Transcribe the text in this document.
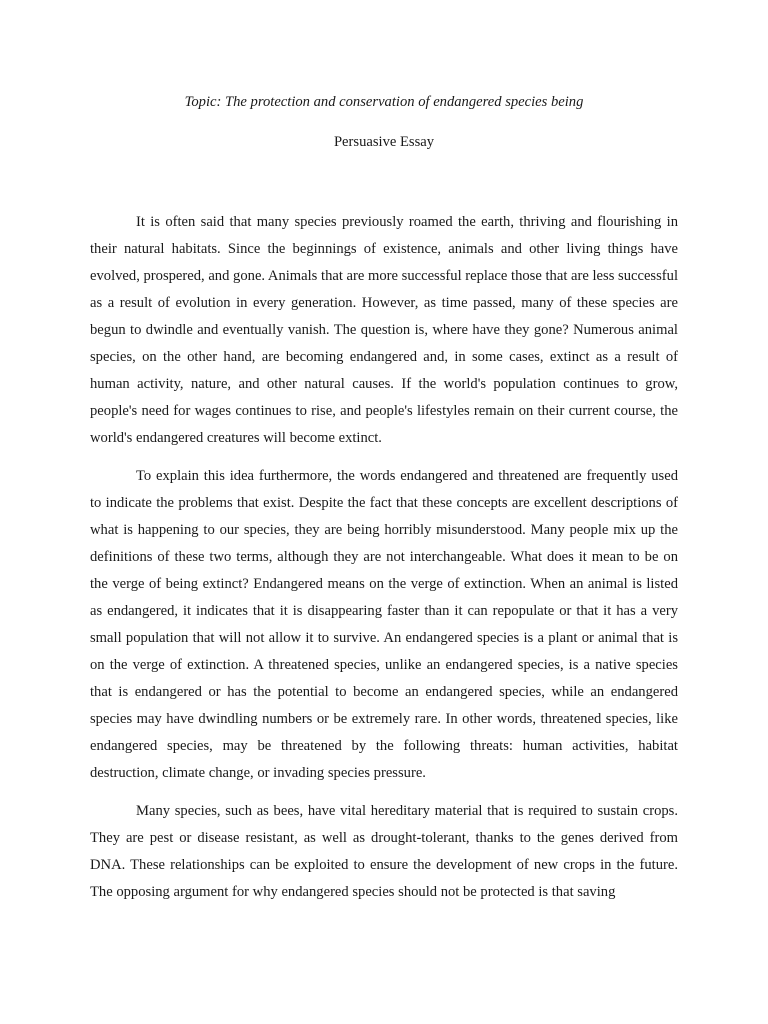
Topic: The protection and conservation of endangered species being

Persuasive Essay

It is often said that many species previously roamed the earth, thriving and flourishing in their natural habitats. Since the beginnings of existence, animals and other living things have evolved, prospered, and gone. Animals that are more successful replace those that are less successful as a result of evolution in every generation. However, as time passed, many of these species are begun to dwindle and eventually vanish. The question is, where have they gone? Numerous animal species, on the other hand, are becoming endangered and, in some cases, extinct as a result of human activity, nature, and other natural causes. If the world's population continues to grow, people's need for wages continues to rise, and people's lifestyles remain on their current course, the world's endangered creatures will become extinct.

To explain this idea furthermore, the words endangered and threatened are frequently used to indicate the problems that exist. Despite the fact that these concepts are excellent descriptions of what is happening to our species, they are being horribly misunderstood. Many people mix up the definitions of these two terms, although they are not interchangeable. What does it mean to be on the verge of being extinct? Endangered means on the verge of extinction. When an animal is listed as endangered, it indicates that it is disappearing faster than it can repopulate or that it has a very small population that will not allow it to survive. An endangered species is a plant or animal that is on the verge of extinction. A threatened species, unlike an endangered species, is a native species that is endangered or has the potential to become an endangered species, while an endangered species may have dwindling numbers or be extremely rare. In other words, threatened species, like endangered species, may be threatened by the following threats: human activities, habitat destruction, climate change, or invading species pressure.

Many species, such as bees, have vital hereditary material that is required to sustain crops. They are pest or disease resistant, as well as drought-tolerant, thanks to the genes derived from DNA. These relationships can be exploited to ensure the development of new crops in the future. The opposing argument for why endangered species should not be protected is that saving
